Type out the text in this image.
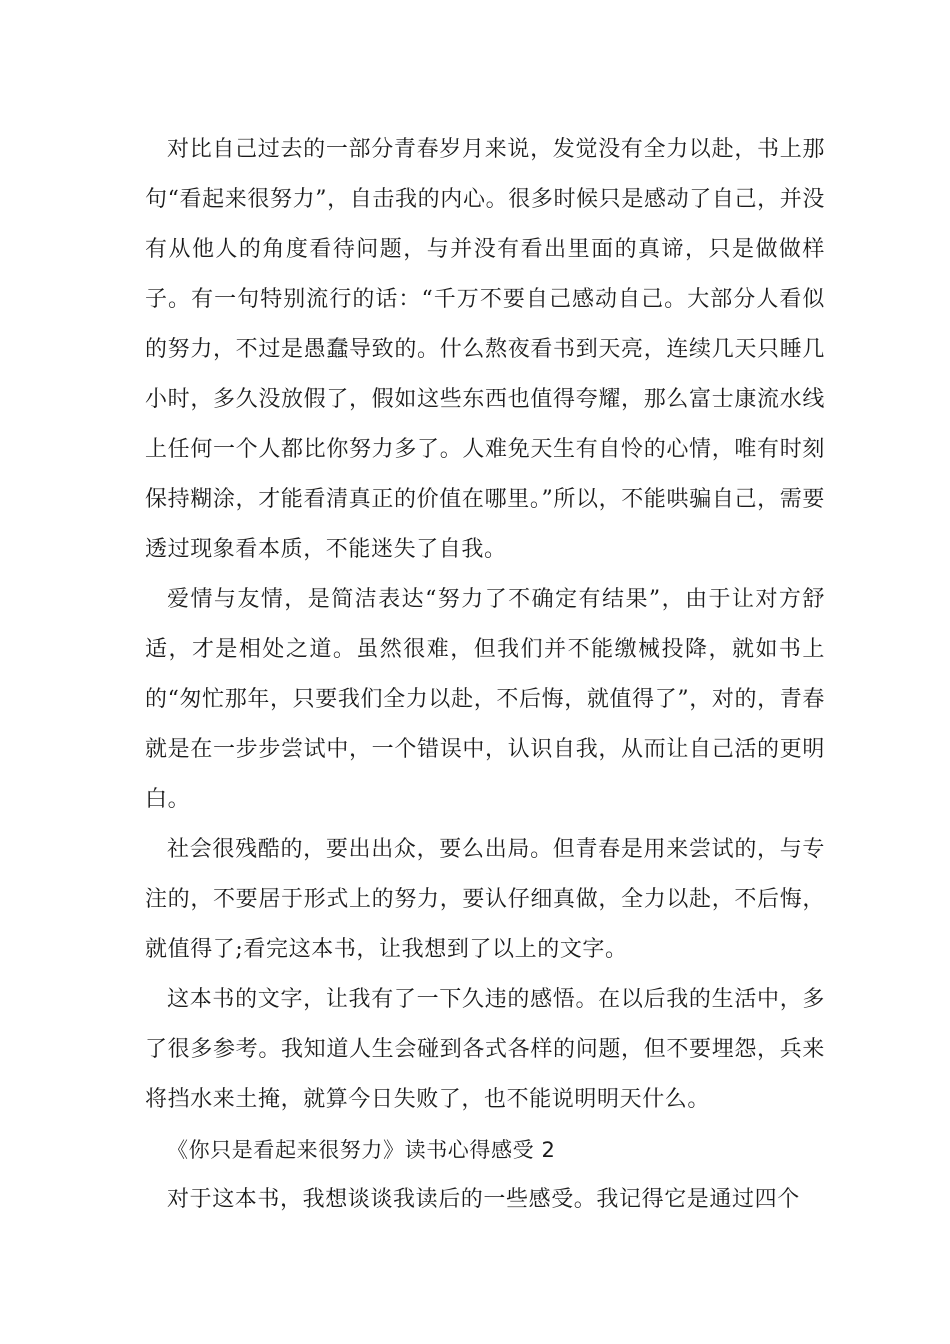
对比自己过去的一部分青春岁月来说，发觉没有全力以赴，书上那句“看起来很努力”，自击我的内心。很多时候只是感动了自己，并没有从他人的角度看待问题，与并没有看出里面的真谛，只是做做样子。有一句特别流行的话：“千万不要自己感动自己。大部分人看似的努力，不过是愚蠢导致的。什么熬夜看书到天亮，连续几天只睡几小时，多久没放假了，假如这些东西也值得夸耀，那么富士康流水线上任何一个人都比你努力多了。人难免天生有自怜的心情，唯有时刻保持糊涂，才能看清真正的价值在哪里。”所以，不能哄骗自己，需要透过现象看本质，不能迷失了自我。

爱情与友情，是简洁表达“努力了不确定有结果”，由于让对方舒适，才是相处之道。虽然很难，但我们并不能缴械投降，就如书上的“匆忙那年，只要我们全力以赴，不后悔，就值得了”，对的，青春就是在一步步尝试中，一个错误中，认识自我，从而让自己活的更明白。

社会很残酷的，要出出众，要么出局。但青春是用来尝试的，与专注的，不要居于形式上的努力，要认仔细真做，全力以赴，不后悔，就值得了;看完这本书，让我想到了以上的文字。

这本书的文字，让我有了一下久违的感悟。在以后我的生活中，多了很多参考。我知道人生会碰到各式各样的问题，但不要埋怨，兵来将挡水来土掩，就算今日失败了，也不能说明明天什么。

《你只是看起来很努力》读书心得感受 2

对于这本书，我想谈谈我读后的一些感受。我记得它是通过四个
